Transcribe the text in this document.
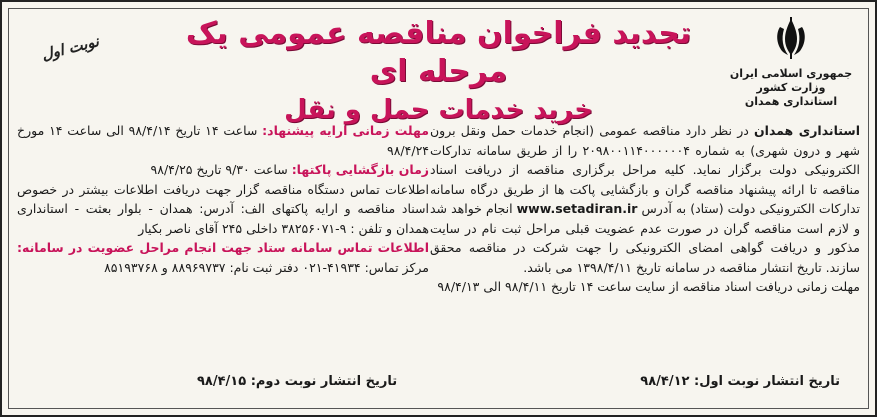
جمهوری اسلامی ایران
وزارت کشور
استانداری همدان
تجدید فراخوان مناقصه عمومی یک مرحله ای
خرید خدمات حمل و نقل
نوبت اول

استانداری همدان در نظر دارد مناقصه عمومی (انجام خدمات حمل ونقل برون شهر و درون شهری) به شماره ۲۰۹۸۰۰۱۱۴۰۰۰۰۰۰۴ را از طریق سامانه تدارکات الکترونیکی دولت برگزار نماید. کلیه مراحل برگزاری مناقصه از دریافت اسناد مناقصه تا ارائه پیشنهاد مناقصه گران و بازگشایی پاکت ها از طریق درگاه سامانه تدارکات الکترونیکی دولت (ستاد) به آدرس www.setadiran.ir انجام خواهد شد و لازم است مناقصه گران در صورت عدم عضویت قبلی مراحل ثبت نام در سایت مذکور و دریافت گواهی امضای الکترونیکی را جهت شرکت در مناقصه محقق سازند. تاریخ انتشار مناقصه در سامانه تاریخ ۱۳۹۸/۴/۱۱ می باشد.

مهلت زمانی دریافت اسناد مناقصه از سایت ساعت ۱۴ تاریخ ۹۸/۴/۱۱ الی ۹۸/۴/۱۳

مهلت زمانی ارایه پیشنهاد: ساعت ۱۴ تاریخ ۹۸/۴/۱۴ الی ساعت ۱۴ مورخ ۹۸/۴/۲۴

زمان بازگشایی پاکتها: ساعت ۹/۳۰ تاریخ ۹۸/۴/۲۵

اطلاعات تماس دستگاه مناقصه گزار جهت دریافت اطلاعات بیشتر در خصوص اسناد مناقصه و ارایه پاکتهای الف: آدرس: همدان - بلوار بعثت - استانداری همدان و تلفن : ۹-۳۸۲۵۶۰۷۱ داخلی ۲۴۵ آقای ناصر بکیار

اطلاعات تماس سامانه ستاد جهت انجام مراحل عضویت در سامانه: مرکز تماس: ۴۱۹۳۴-۰۲۱ دفتر ثبت نام: ۸۸۹۶۹۷۳۷ و ۸۵۱۹۳۷۶۸

تاریخ انتشار نوبت اول: ۹۸/۴/۱۲
تاریخ انتشار نوبت دوم: ۹۸/۴/۱۵
